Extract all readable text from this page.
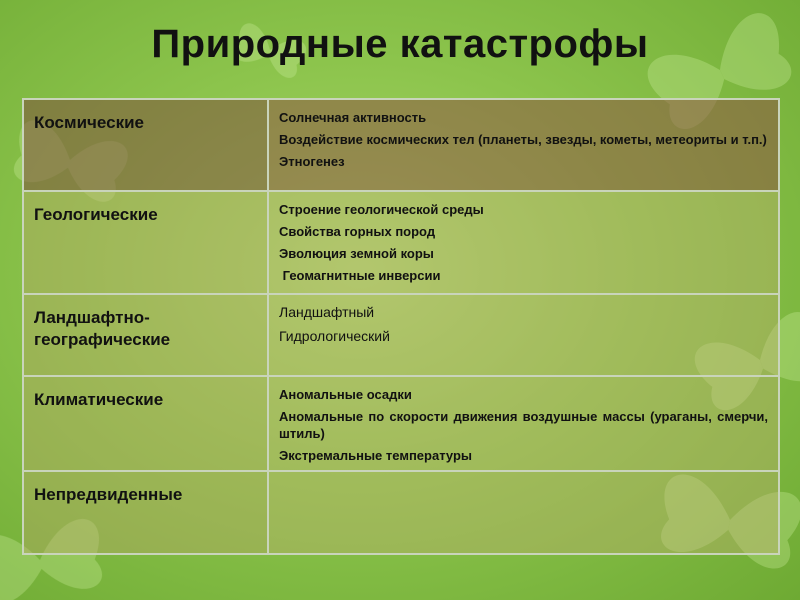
Природные катастрофы
Космические	Солнечная активность
Воздействие космических тел (планеты, звезды, кометы, метеориты и т.п.)
Этногенез

Геологические	Строение геологической среды
Свойства горных пород
Эволюция земной коры
Геомагнитные инверсии

Ландшафтно-географические	Ландшафтный
Гидрологический

Климатические	Аномальные осадки
Аномальные по скорости движения воздушные массы (ураганы, смерчи, штиль)
Экстремальные температуры

Непредвиденные	
